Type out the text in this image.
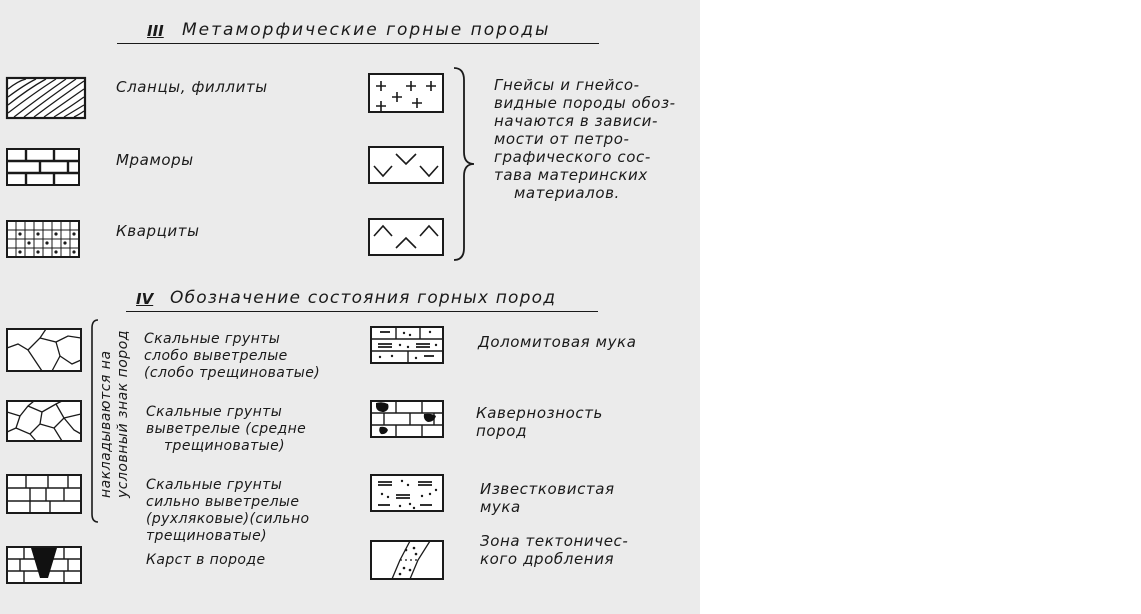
III Метаморфические горные породы
Сланцы, филлиты
Мраморы
Кварциты
Гнейсы и гнейсо-
видные породы обоз-
начаются в зависи-
мости от петро-
графического сос-
тава материнских
материалов.
IV Обозначение состояния горных пород
накладываются на условный знак пород Скальные грунты
слобо выветрелые
(слобо трещиноватые)
Скальные грунты
выветрелые (средне
трещиноватые)
Скальные грунты
сильно выветрелые
(рухляковые)(сильно
трещиноватые)
Карст в породе
Доломитовая мука
Кавернозность
пород
Известковистая
мука
Зона тектоничес-
кого дробления
